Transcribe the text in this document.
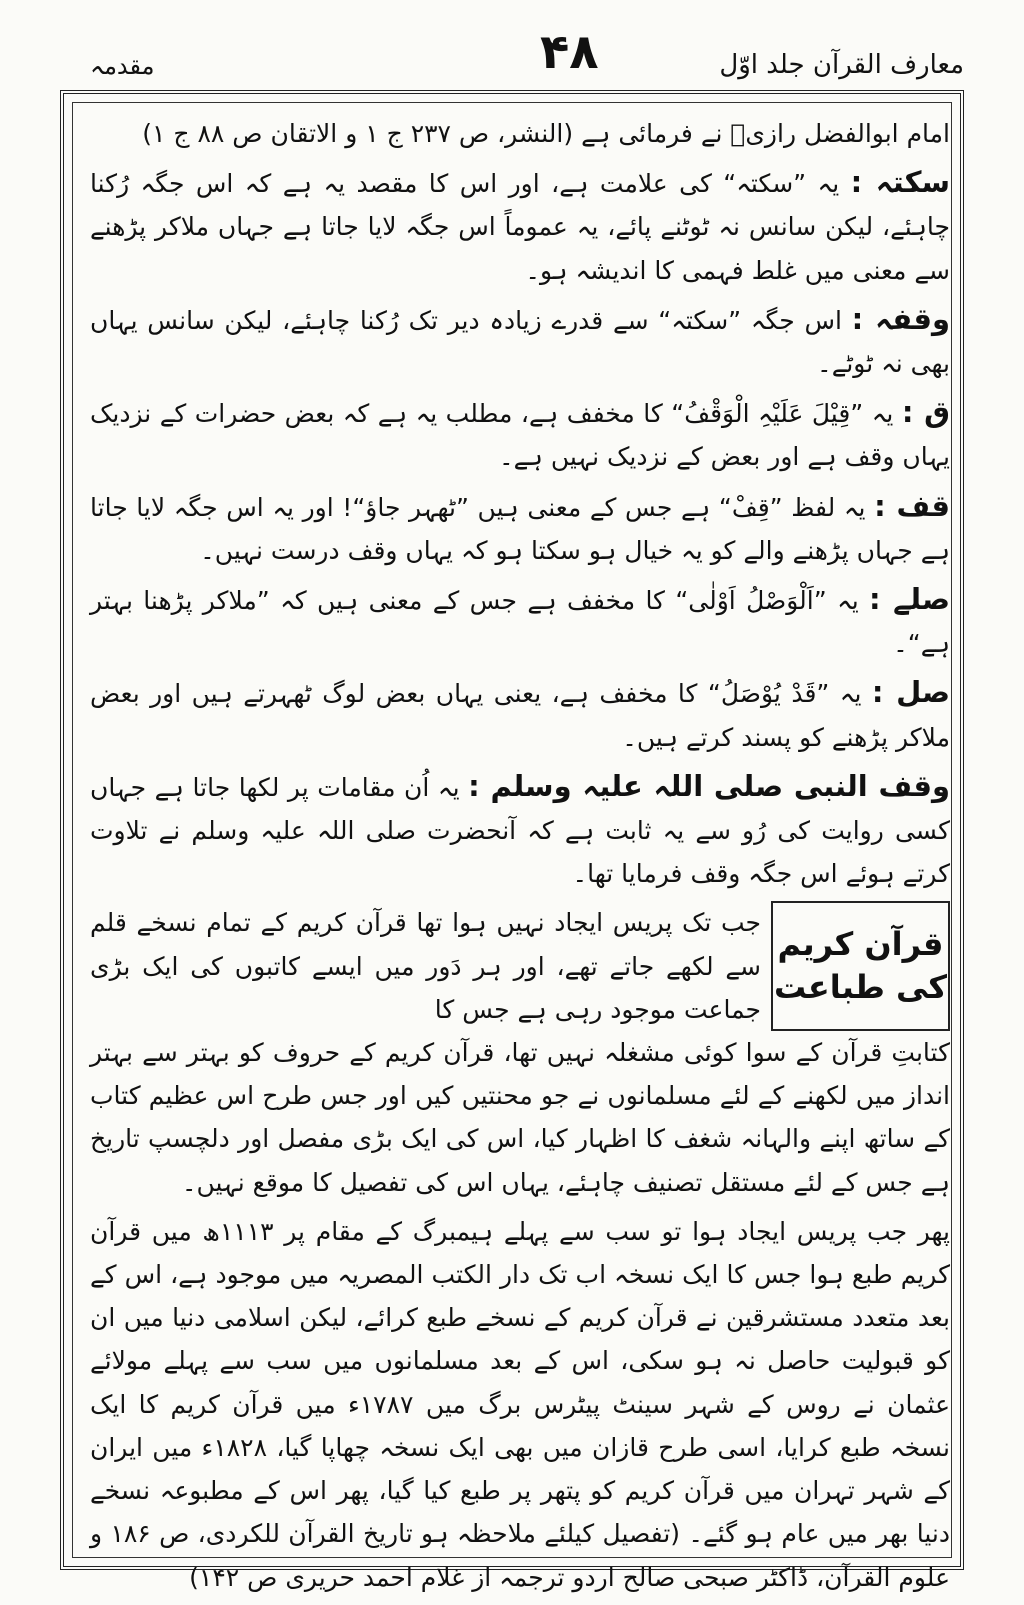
مقدمہ	۴۸	معارف القرآن جلد اوّل

امام ابوالفضل رازیؒ نے فرمائی ہے (النشر، ص ۲۳۷ ج ۱ و الاتقان ص ۸۸ ج ۱)

سکتہ : یہ ”سکتہ“ کی علامت ہے، اور اس کا مقصد یہ ہے کہ اس جگہ رُکنا چاہئے، لیکن سانس نہ ٹوٹنے پائے، یہ عموماً اس جگہ لایا جاتا ہے جہاں ملاکر پڑھنے سے معنی میں غلط فہمی کا اندیشہ ہو۔

وقفہ : اس جگہ ”سکتہ“ سے قدرے زیادہ دیر تک رُکنا چاہئے، لیکن سانس یہاں بھی نہ ٹوٹے۔

ق : یہ ”قِیْلَ عَلَیْہِ الْوَقْفُ“ کا مخفف ہے، مطلب یہ ہے کہ بعض حضرات کے نزدیک یہاں وقف ہے اور بعض کے نزدیک نہیں ہے۔

قف : یہ لفظ ”قِفْ“ ہے جس کے معنی ہیں ”ٹھہر جاؤ“! اور یہ اس جگہ لایا جاتا ہے جہاں پڑھنے والے کو یہ خیال ہو سکتا ہو کہ یہاں وقف درست نہیں۔

صلے : یہ ”اَلْوَصْلُ اَوْلٰی“ کا مخفف ہے جس کے معنی ہیں کہ ”ملاکر پڑھنا بہتر ہے“۔

صل : یہ ”قَدْ یُوْصَلُ“ کا مخفف ہے، یعنی یہاں بعض لوگ ٹھہرتے ہیں اور بعض ملاکر پڑھنے کو پسند کرتے ہیں۔

وقف النبی صلی اللہ علیہ وسلم : یہ اُن مقامات پر لکھا جاتا ہے جہاں کسی روایت کی رُو سے یہ ثابت ہے کہ آنحضرت صلی اللہ علیہ وسلم نے تلاوت کرتے ہوئے اس جگہ وقف فرمایا تھا۔

قرآن کریم کی طباعت
جب تک پریس ایجاد نہیں ہوا تھا قرآن کریم کے تمام نسخے قلم سے لکھے جاتے تھے، اور ہر دَور میں ایسے کاتبوں کی ایک بڑی جماعت موجود رہی ہے جس کا

کتابتِ قرآن کے سوا کوئی مشغلہ نہیں تھا، قرآن کریم کے حروف کو بہتر سے بہتر انداز میں لکھنے کے لئے مسلمانوں نے جو محنتیں کیں اور جس طرح اس عظیم کتاب کے ساتھ اپنے والہانہ شغف کا اظہار کیا، اس کی ایک بڑی مفصل اور دلچسپ تاریخ ہے جس کے لئے مستقل تصنیف چاہئے، یہاں اس کی تفصیل کا موقع نہیں۔

پھر جب پریس ایجاد ہوا تو سب سے پہلے ہیمبرگ کے مقام پر ۱۱۱۳ھ میں قرآن کریم طبع ہوا جس کا ایک نسخہ اب تک دار الکتب المصریہ میں موجود ہے، اس کے بعد متعدد مستشرقین نے قرآن کریم کے نسخے طبع کرائے، لیکن اسلامی دنیا میں ان کو قبولیت حاصل نہ ہو سکی، اس کے بعد مسلمانوں میں سب سے پہلے مولائے عثمان نے روس کے شہر سینٹ پیٹرس برگ میں ۱۷۸۷ء میں قرآن کریم کا ایک نسخہ طبع کرایا، اسی طرح قازان میں بھی ایک نسخہ چھاپا گیا، ۱۸۲۸ء میں ایران کے شہر تہران میں قرآن کریم کو پتھر پر طبع کیا گیا، پھر اس کے مطبوعہ نسخے دنیا بھر میں عام ہو گئے۔ (تفصیل کیلئے ملاحظہ ہو تاریخ القرآن للکردی، ص ۱۸۶ و علوم القرآن، ڈاکٹر صبحی صالح اردو ترجمہ از غلام احمد حریری ص ۱۴۲)
